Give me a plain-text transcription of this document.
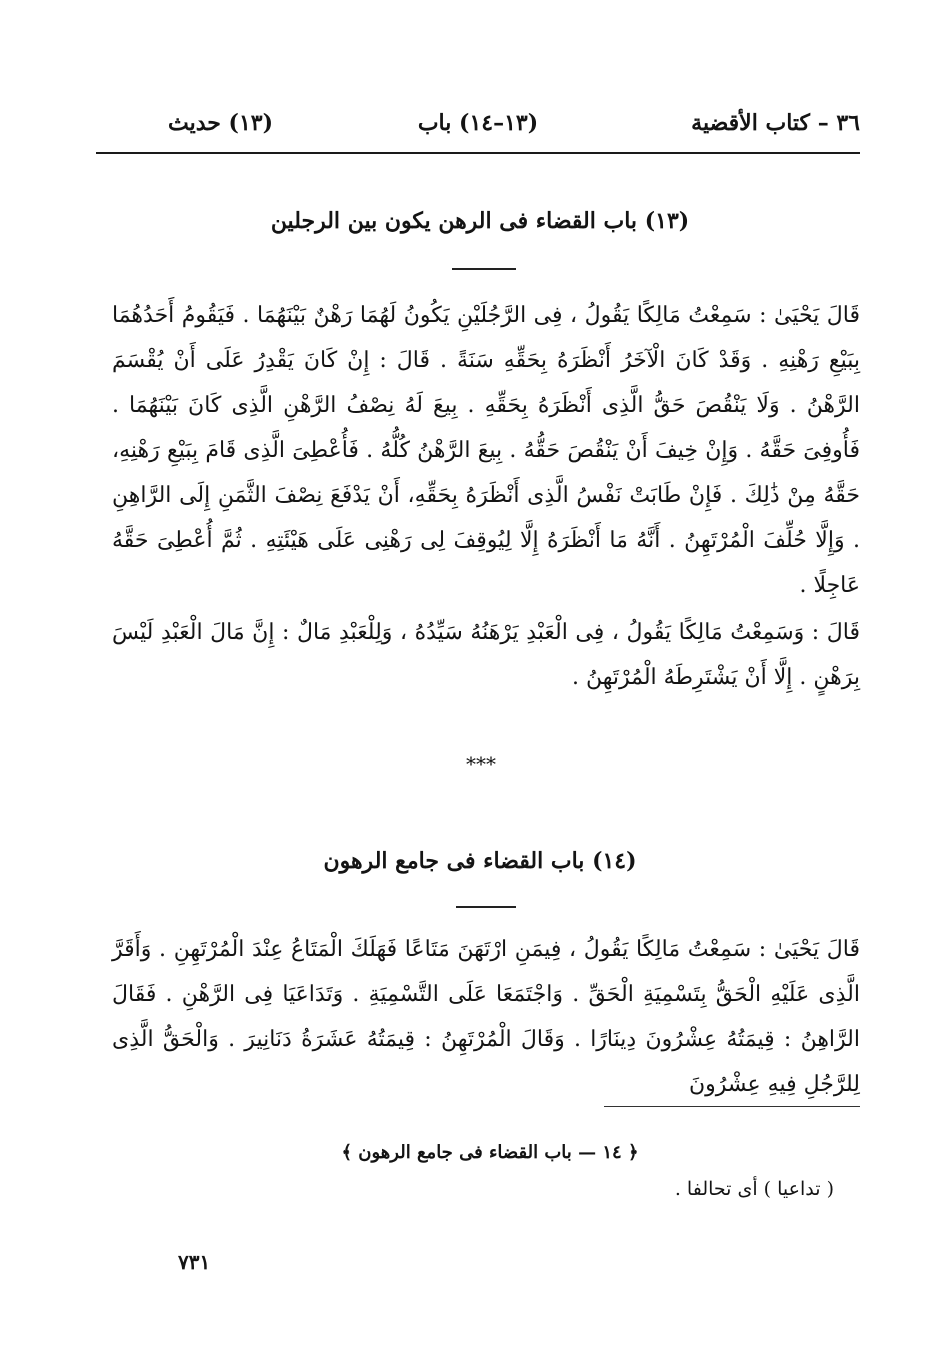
٣٦ – كتاب الأقضية
(١٣–١٤) باب
(١٣) حديث
(١٣) باب القضاء فى الرهن يكون بين الرجلين

قَالَ يَحْيَىٰ : سَمِعْتُ مَالِكًا يَقُولُ ، فِى الرَّجُلَيْنِ يَكُونُ لَهُمَا رَهْنٌ بَيْنَهُمَا . فَيَقُومُ أَحَدُهُمَا بِبَيْعِ رَهْنِهِ . وَقَدْ كَانَ الْآخَرُ أَنْظَرَهُ بِحَقِّهِ سَنَةً . قَالَ : إِنْ كَانَ يَقْدِرُ عَلَى أَنْ يُقْسَمَ الرَّهْنُ . وَلَا يَنْقُصَ حَقُّ الَّذِى أَنْظَرَهُ بِحَقِّهِ . بِيعَ لَهُ نِصْفُ الرَّهْنِ الَّذِى كَانَ بَيْنَهُمَا . فَأُوفِىَ حَقَّهُ . وَإِنْ خِيفَ أَنْ يَنْقُصَ حَقُّهُ . بِيعَ الرَّهْنُ كُلُّهُ . فَأُعْطِىَ الَّذِى قَامَ بِبَيْعِ رَهْنِهِ، حَقَّهُ مِنْ ذَٰلِكَ . فَإِنْ طَابَتْ نَفْسُ الَّذِى أَنْظَرَهُ بِحَقِّهِ، أَنْ يَدْفَعَ نِصْفَ الثَّمَنِ إِلَى الرَّاهِنِ . وَإِلَّا حُلِّفَ الْمُرْتَهِنُ . أَنَّهُ مَا أَنْظَرَهُ إِلَّا لِيُوقِفَ لِى رَهْنِى عَلَى هَيْئَتِهِ . ثُمَّ أُعْطِىَ حَقَّهُ عَاجِلًا .

قَالَ : وَسَمِعْتُ مَالِكًا يَقُولُ ، فِى الْعَبْدِ يَرْهَنُهُ سَيِّدُهُ ، وَلِلْعَبْدِ مَالٌ : إِنَّ مَالَ الْعَبْدِ لَيْسَ بِرَهْنٍ . إِلَّا أَنْ يَشْتَرِطَهُ الْمُرْتَهِنُ .

* * *
(١٤) باب القضاء فى جامع الرهون

قَالَ يَحْيَىٰ : سَمِعْتُ مَالِكًا يَقُولُ ، فِيمَنِ ارْتَهَنَ مَتَاعًا فَهَلَكَ الْمَتَاعُ عِنْدَ الْمُرْتَهِنِ . وَأَقَرَّ الَّذِى عَلَيْهِ الْحَقُّ بِتَسْمِيَةِ الْحَقِّ . وَاجْتَمَعَا عَلَى التَّسْمِيَةِ . وَتَدَاعَيَا فِى الرَّهْنِ . فَقَالَ الرَّاهِنُ : قِيمَتُهُ عِشْرُونَ دِينَارًا . وَقَالَ الْمُرْتَهِنُ : قِيمَتُهُ عَشَرَةُ دَنَانِيرَ . وَالْحَقُّ الَّذِى لِلرَّجُلِ فِيهِ عِشْرُونَ

﴿ ١٤ — باب القضاء فى جامع الرهون ﴾
( تداعيا ) أى تحالفا .
٧٣١
